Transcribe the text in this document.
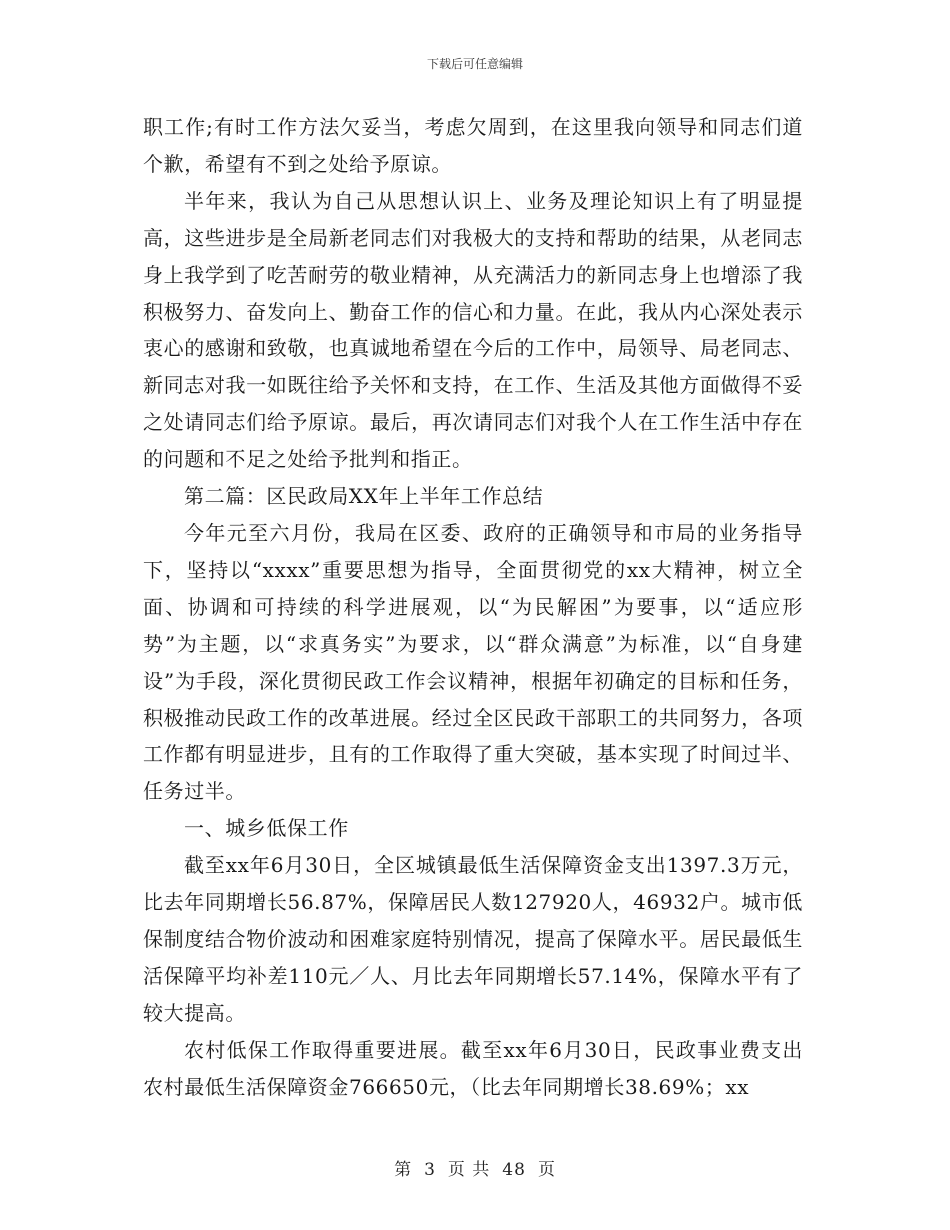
下载后可任意编辑

职工作;有时工作方法欠妥当，考虑欠周到，在这里我向领导和同志们道个歉，希望有不到之处给予原谅。

半年来，我认为自己从思想认识上、业务及理论知识上有了明显提高，这些进步是全局新老同志们对我极大的支持和帮助的结果，从老同志身上我学到了吃苦耐劳的敬业精神，从充满活力的新同志身上也增添了我积极努力、奋发向上、勤奋工作的信心和力量。在此，我从内心深处表示衷心的感谢和致敬，也真诚地希望在今后的工作中，局领导、局老同志、新同志对我一如既往给予关怀和支持，在工作、生活及其他方面做得不妥之处请同志们给予原谅。最后，再次请同志们对我个人在工作生活中存在的问题和不足之处给予批判和指正。

第二篇：区民政局XX年上半年工作总结

今年元至六月份，我局在区委、政府的正确领导和市局的业务指导下，坚持以“xxxx”重要思想为指导，全面贯彻党的xx大精神，树立全面、协调和可持续的科学进展观，以“为民解困”为要事，以“适应形势”为主题，以“求真务实”为要求，以“群众满意”为标准，以“自身建设”为手段，深化贯彻民政工作会议精神，根据年初确定的目标和任务，积极推动民政工作的改革进展。经过全区民政干部职工的共同努力，各项工作都有明显进步，且有的工作取得了重大突破，基本实现了时间过半、任务过半。

一、城乡低保工作

截至xx年6月30日，全区城镇最低生活保障资金支出1397.3万元，比去年同期增长56.87%，保障居民人数127920人，46932户。城市低保制度结合物价波动和困难家庭特别情况，提高了保障水平。居民最低生活保障平均补差110元／人、月比去年同期增长57.14%，保障水平有了较大提高。

农村低保工作取得重要进展。截至xx年6月30日，民政事业费支出农村最低生活保障资金766650元，（比去年同期增长38.69%；xx

第 3 页 共 48 页
